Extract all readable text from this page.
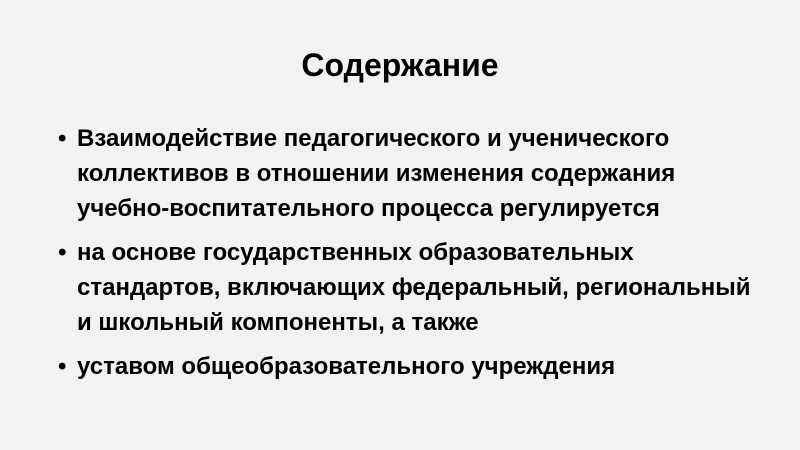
Содержание
• Взаимодействие педагогического и ученического коллективов в отношении изменения содержания учебно-воспитательного процесса регулируется
• на основе государственных образовательных стандартов, включающих федеральный, региональный и школьный компоненты, а также
• уставом общеобразовательного учреждения
